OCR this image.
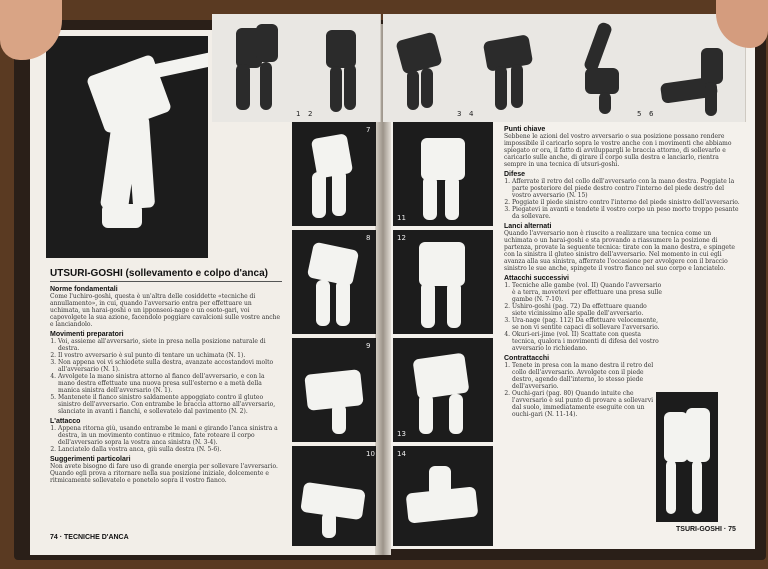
1 2	3 4	5 6
7
8
9
10
11
12
13
14
UTSURI-GOSHI (sollevamento e colpo d'anca)
Norme fondamentali
Come l'uchiro-goshi, questa è un'altra delle cosiddette «tecniche di annullamento», in cui, quando l'avversario entra per effettuare un uchimata, un harai-goshi o un ipponseoi-nage o un osoto-gari, voi capovolgete la sua azione, facendolo poggiare cavalcioni sulle vostre anche e lanciandolo.
Movimenti preparatori
1. Voi, assieme all'avversario, siete in presa nella posizione naturale di destra.
2. Il vostro avversario è sul punto di tentare un uchimata (N. 1).
3. Non appena voi vi schiodete sulla destra, avanzate accostandovi molto all'avversario (N. 1).
4. Avvolgete la mano sinistra attorno al fianco dell'avversario, e con la mano destra effettuate una nuova presa sull'esterno e a metà della manica sinistra dell'avversario (N. 1).
5. Mantenete il fianco sinistro saldamente appoggiato contro il gluteo sinistro dell'avversario. Con entrambe le braccia attorno all'avversario, slanciate in avanti i fianchi, e sollevatelo dal pavimento (N. 2).
L'attacco
1. Appena ritorna giù, usando entrambe le mani e girando l'anca sinistra a destra, in un movimento continuo e ritmico, fate roteare il corpo dell'avversario sopra la vostra anca sinistra (N. 3-4).
2. Lanciatelo dalla vostra anca, giù sulla destra (N. 5-6).
Suggerimenti particolari
Non avete bisogno di fare uso di grande energia per sollevare l'avversario. Quando egli prova a ritornare nella sua posizione iniziale, dolcemente e ritmicamente sollevatelo e ponetelo sopra il vostro fianco.
74 · TECNICHE D'ANCA
Punti chiave
Sebbene le azioni del vostro avversario o sua posizione possano rendere impossibile il caricarlo sopra le vostre anche con i movimenti che abbiamo spiegato or ora, il fatto di avviluppargli le braccia attorno, di sollevarlo e caricarlo sulle anche, di girare il corpo sulla destra e lanciarlo, rientra sempre in una tecnica di utsuri-goshi.
Difese
1. Afferrate il retro del collo dell'avversario con la mano destra. Poggiate la parte posteriore del piede destro contro l'interno del piede destro del vostro avversario (N. 15)
2. Poggiate il piede sinistro contro l'interno del piede sinistro dell'avversario.
3. Piegatevi in avanti e tendete il vostro corpo un peso morto troppo pesante da sollevare.
Lanci alternati
Quando l'avversario non è riuscito a realizzare una tecnica come un uchimata o un harai-goshi e sta provando a riassumere la posizione di partenza, provate la seguente tecnica: tirate con la mano destra, e spingete con la sinistra il gluteo sinistro dell'avversario. Nel momento in cui egli avanza alla sua sinistra, afferrate l'occasione per avvolgere con il braccio sinistro le sue anche, spingete il vostro fianco nel suo corpo e lanciatelo.
Attacchi successivi
1. Tecniche alle gambe (vol. II) Quando l'avversario è a terra, movetevi per effettuare una presa sulle gambe (N. 7-10).
2. Ushiro-goshi (pag. 72) Da effettuare quando siete vicinissimo alle spalle dell'avversario.
3. Ura-nage (pag. 112) Da effettuare velocemente, se non vi sentite capaci di sollevare l'avversario.
4. Okuri-eri-jime (vol. II) Scattate con questa tecnica, qualora i movimenti di difesa del vostro avversario lo richiedano.
Contrattacchi
1. Tenete in presa con la mano destra il retro del collo dell'avversario. Avvolgete con il piede destro, agendo dall'interno, lo stesso piede dell'avversario.
2. Ouchi-gari (pag. 80) Quando intuite che l'avversario è sul punto di provare a sollevarvi dal suolo, immediatamente eseguite con un ouchi-gari (N. 11-14).
TSURI-GOSHI · 75
